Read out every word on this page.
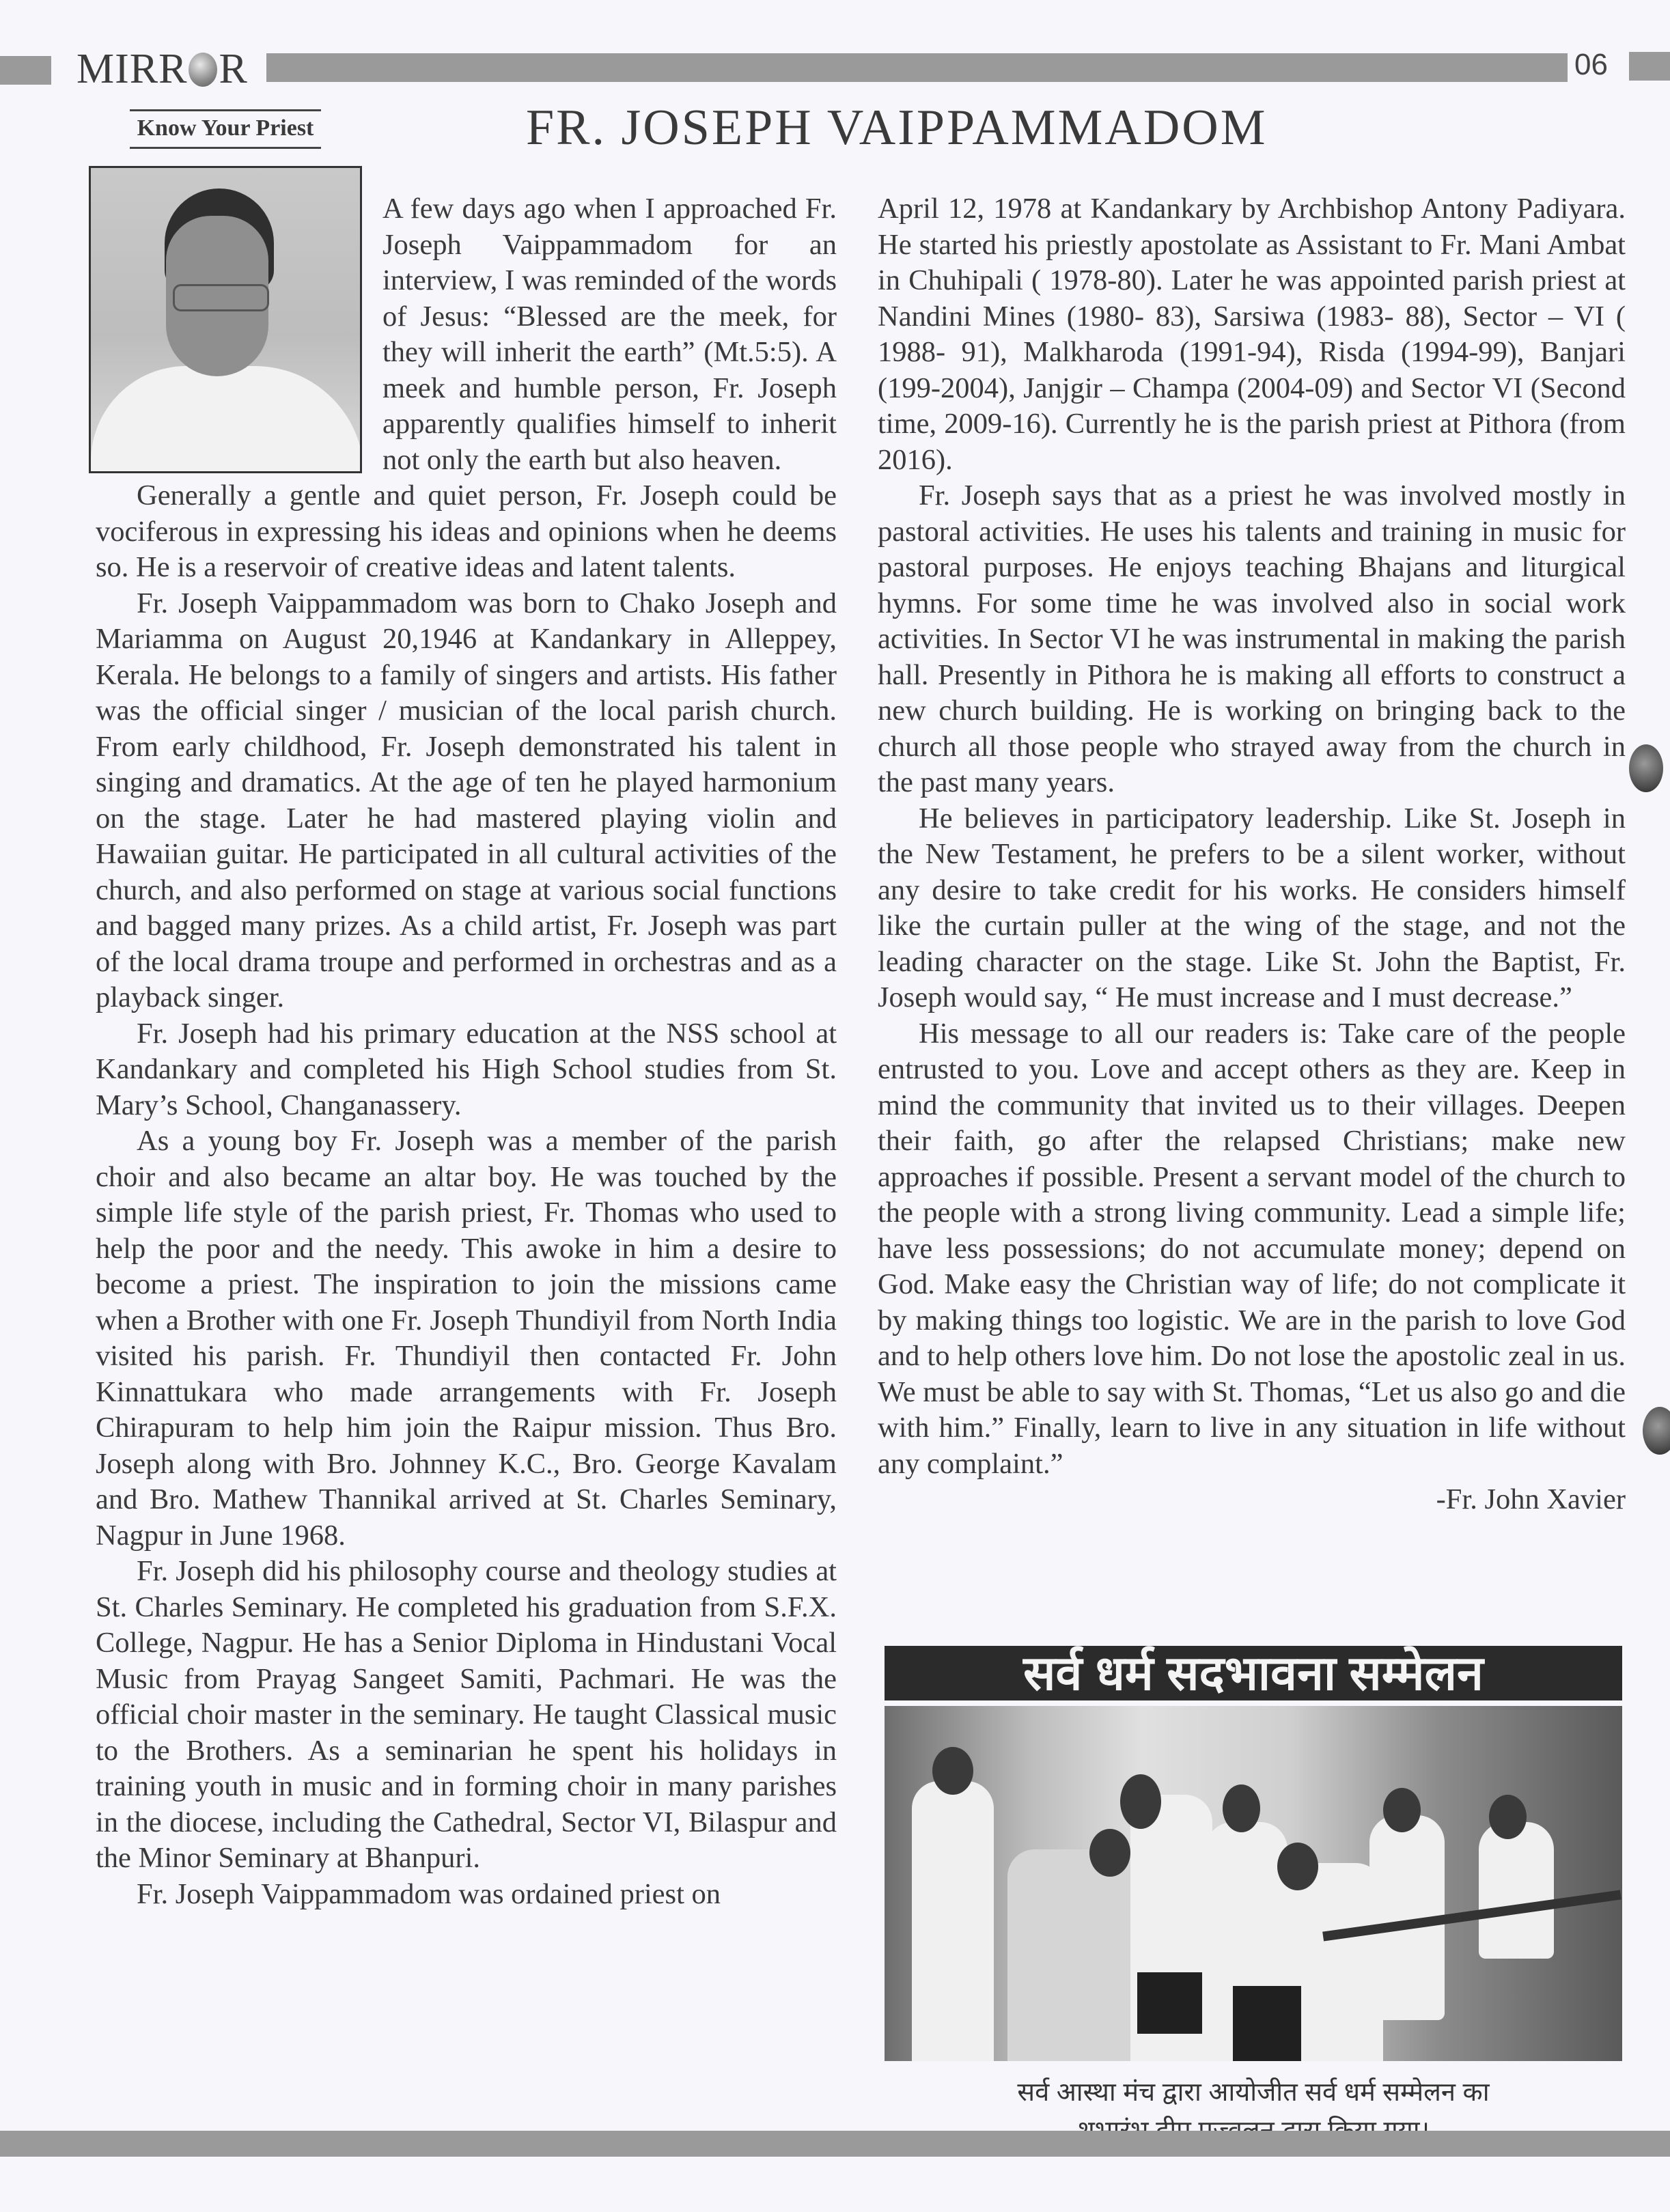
MIRR R	06
Know Your Priest	FR. JOSEPH VAIPPAMMADOM

A few days ago when I approached Fr. Joseph Vaippammadom for an interview, I was reminded of the words of Jesus: “Blessed are the meek, for they will inherit the earth” (Mt.5:5). A meek and humble person, Fr. Joseph apparently qualifies himself to inherit not only the earth but also heaven.

Generally a gentle and quiet person, Fr. Joseph could be vociferous in expressing his ideas and opinions when he deems so. He is a reservoir of creative ideas and latent talents.

Fr. Joseph Vaippammadom was born to Chako Joseph and Mariamma on August 20,1946 at Kandankary in Alleppey, Kerala. He belongs to a family of singers and artists. His father was the official singer / musician of the local parish church. From early childhood, Fr. Joseph demonstrated his talent in singing and dramatics. At the age of ten he played harmonium on the stage. Later he had mastered playing violin and Hawaiian guitar. He participated in all cultural activities of the church, and also performed on stage at various social functions and bagged many prizes. As a child artist, Fr. Joseph was part of the local drama troupe and performed in orchestras and as a playback singer.

Fr. Joseph had his primary education at the NSS school at Kandankary and completed his High School studies from St. Mary’s School, Changanassery.

As a young boy Fr. Joseph was a member of the parish choir and also became an altar boy. He was touched by the simple life style of the parish priest, Fr. Thomas who used to help the poor and the needy. This awoke in him a desire to become a priest. The inspiration to join the missions came when a Brother with one Fr. Joseph Thundiyil from North India visited his parish. Fr. Thundiyil then contacted Fr. John Kinnattukara who made arrangements with Fr. Joseph Chirapuram to help him join the Raipur mission. Thus Bro. Joseph along with Bro. Johnney K.C., Bro. George Kavalam and Bro. Mathew Thannikal arrived at St. Charles Seminary, Nagpur in June 1968.

Fr. Joseph did his philosophy course and theology studies at St. Charles Seminary. He completed his graduation from S.F.X. College, Nagpur. He has a Senior Diploma in Hindustani Vocal Music from Prayag Sangeet Samiti, Pachmari. He was the official choir master in the seminary. He taught Classical music to the Brothers. As a seminarian he spent his holidays in training youth in music and in forming choir in many parishes in the diocese, including the Cathedral, Sector VI, Bilaspur and the Minor Seminary at Bhanpuri.

Fr. Joseph Vaippammadom was ordained priest on

April 12, 1978 at Kandankary by Archbishop Antony Padiyara. He started his priestly apostolate as Assistant to Fr. Mani Ambat in Chuhipali ( 1978-80). Later he was appointed parish priest at Nandini Mines (1980- 83), Sarsiwa (1983- 88), Sector – VI ( 1988- 91), Malkharoda (1991-94), Risda (1994-99), Banjari (199-2004), Janjgir – Champa (2004-09) and Sector VI (Second time, 2009-16). Currently he is the parish priest at Pithora (from 2016).

Fr. Joseph says that as a priest he was involved mostly in pastoral activities. He uses his talents and training in music for pastoral purposes. He enjoys teaching Bhajans and liturgical hymns. For some time he was involved also in social work activities. In Sector VI he was instrumental in making the parish hall. Presently in Pithora he is making all efforts to construct a new church building. He is working on bringing back to the church all those people who strayed away from the church in the past many years.

He believes in participatory leadership. Like St. Joseph in the New Testament, he prefers to be a silent worker, without any desire to take credit for his works. He considers himself like the curtain puller at the wing of the stage, and not the leading character on the stage. Like St. John the Baptist, Fr. Joseph would say, “ He must increase and I must decrease.”

His message to all our readers is: Take care of the people entrusted to you. Love and accept others as they are. Keep in mind the community that invited us to their villages. Deepen their faith, go after the relapsed Christians; make new approaches if possible. Present a servant model of the church to the people with a strong living community. Lead a simple life; have less possessions; do not accumulate money; depend on God. Make easy the Christian way of life; do not complicate it by making things too logistic. We are in the parish to love God and to help others love him. Do not lose the apostolic zeal in us. We must be able to say with St. Thomas, “Let us also go and die with him.” Finally, learn to live in any situation in life without any complaint.”

-Fr. John Xavier

सर्व धर्म सदभावना सम्मेलन
सर्व आस्था मंच द्वारा आयोजीत सर्व धर्म सम्मेलन का
